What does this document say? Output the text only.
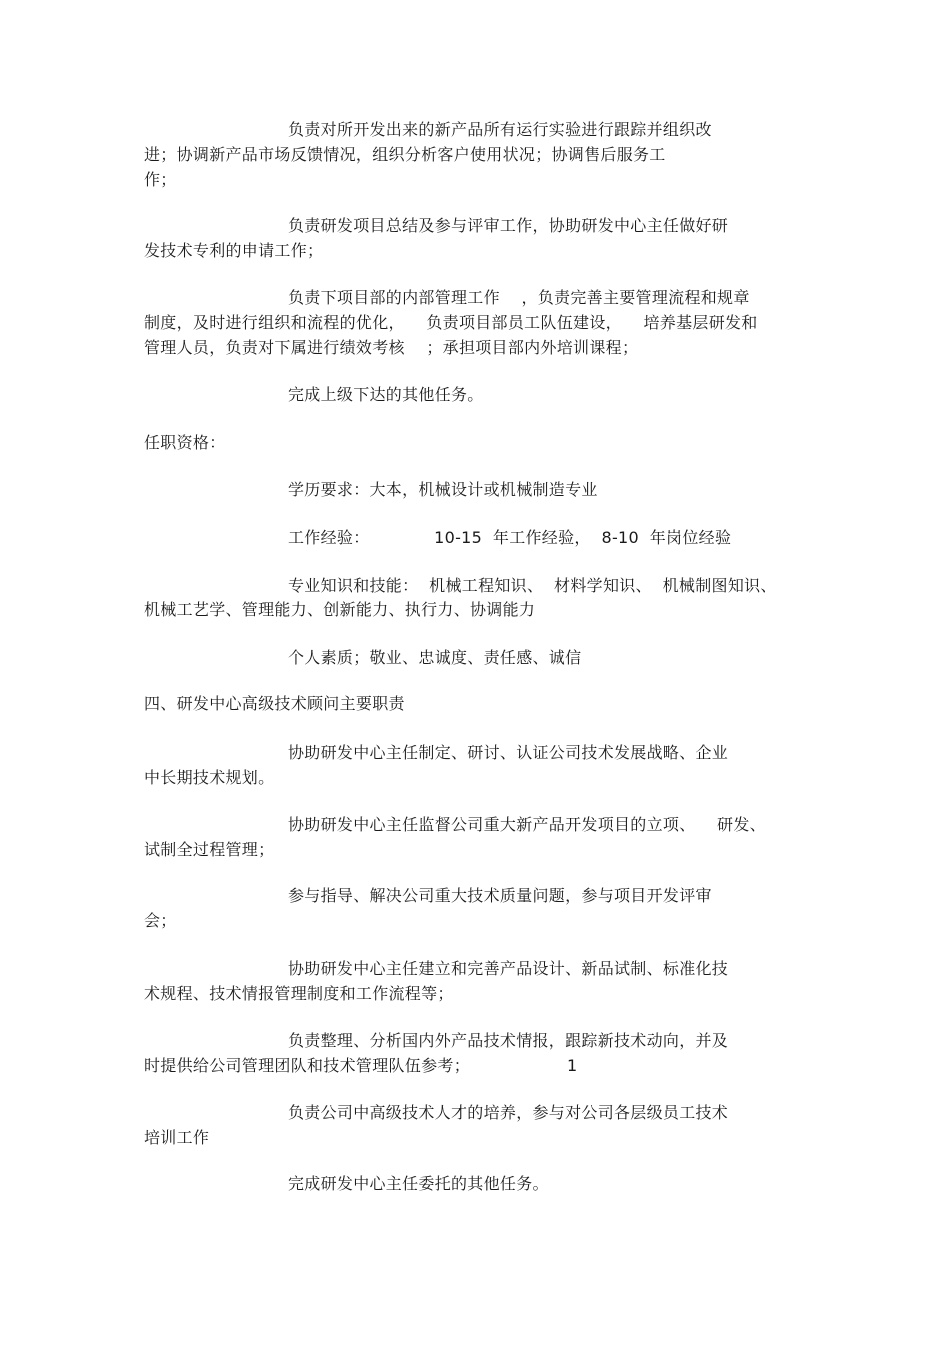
负责对所开发出来的新产品所有运行实验进行跟踪并组织改
进；协调新产品市场反馈情况，组织分析客户使用状况；协调售后服务工
作；
负责研发项目总结及参与评审工作，协助研发中心主任做好研
发技术专利的申请工作；
负责下项目部的内部管理工作    ，负责完善主要管理流程和规章
制度，及时进行组织和流程的优化，    负责项目部员工队伍建设，    培养基层研发和
管理人员，负责对下属进行绩效考核    ；承担项目部内外培训课程；
完成上级下达的其他任务。
任职资格：
学历要求：大本，机械设计或机械制造专业
工作经验：            10-15  年工作经验，  8-10  年岗位经验
专业知识和技能：  机械工程知识、  材料学知识、  机械制图知识、
机械工艺学、管理能力、创新能力、执行力、协调能力
个人素质；敬业、忠诚度、责任感、诚信
四、研发中心高级技术顾问主要职责
协助研发中心主任制定、研讨、认证公司技术发展战略、企业
中长期技术规划。
协助研发中心主任监督公司重大新产品开发项目的立项、    研发、
试制全过程管理；
参与指导、解决公司重大技术质量问题，参与项目开发评审
会；
协助研发中心主任建立和完善产品设计、新品试制、标准化技
术规程、技术情报管理制度和工作流程等；
负责整理、分析国内外产品技术情报，跟踪新技术动向，并及
时提供给公司管理团队和技术管理队伍参考；                  1
负责公司中高级技术人才的培养，参与对公司各层级员工技术
培训工作
完成研发中心主任委托的其他任务。
